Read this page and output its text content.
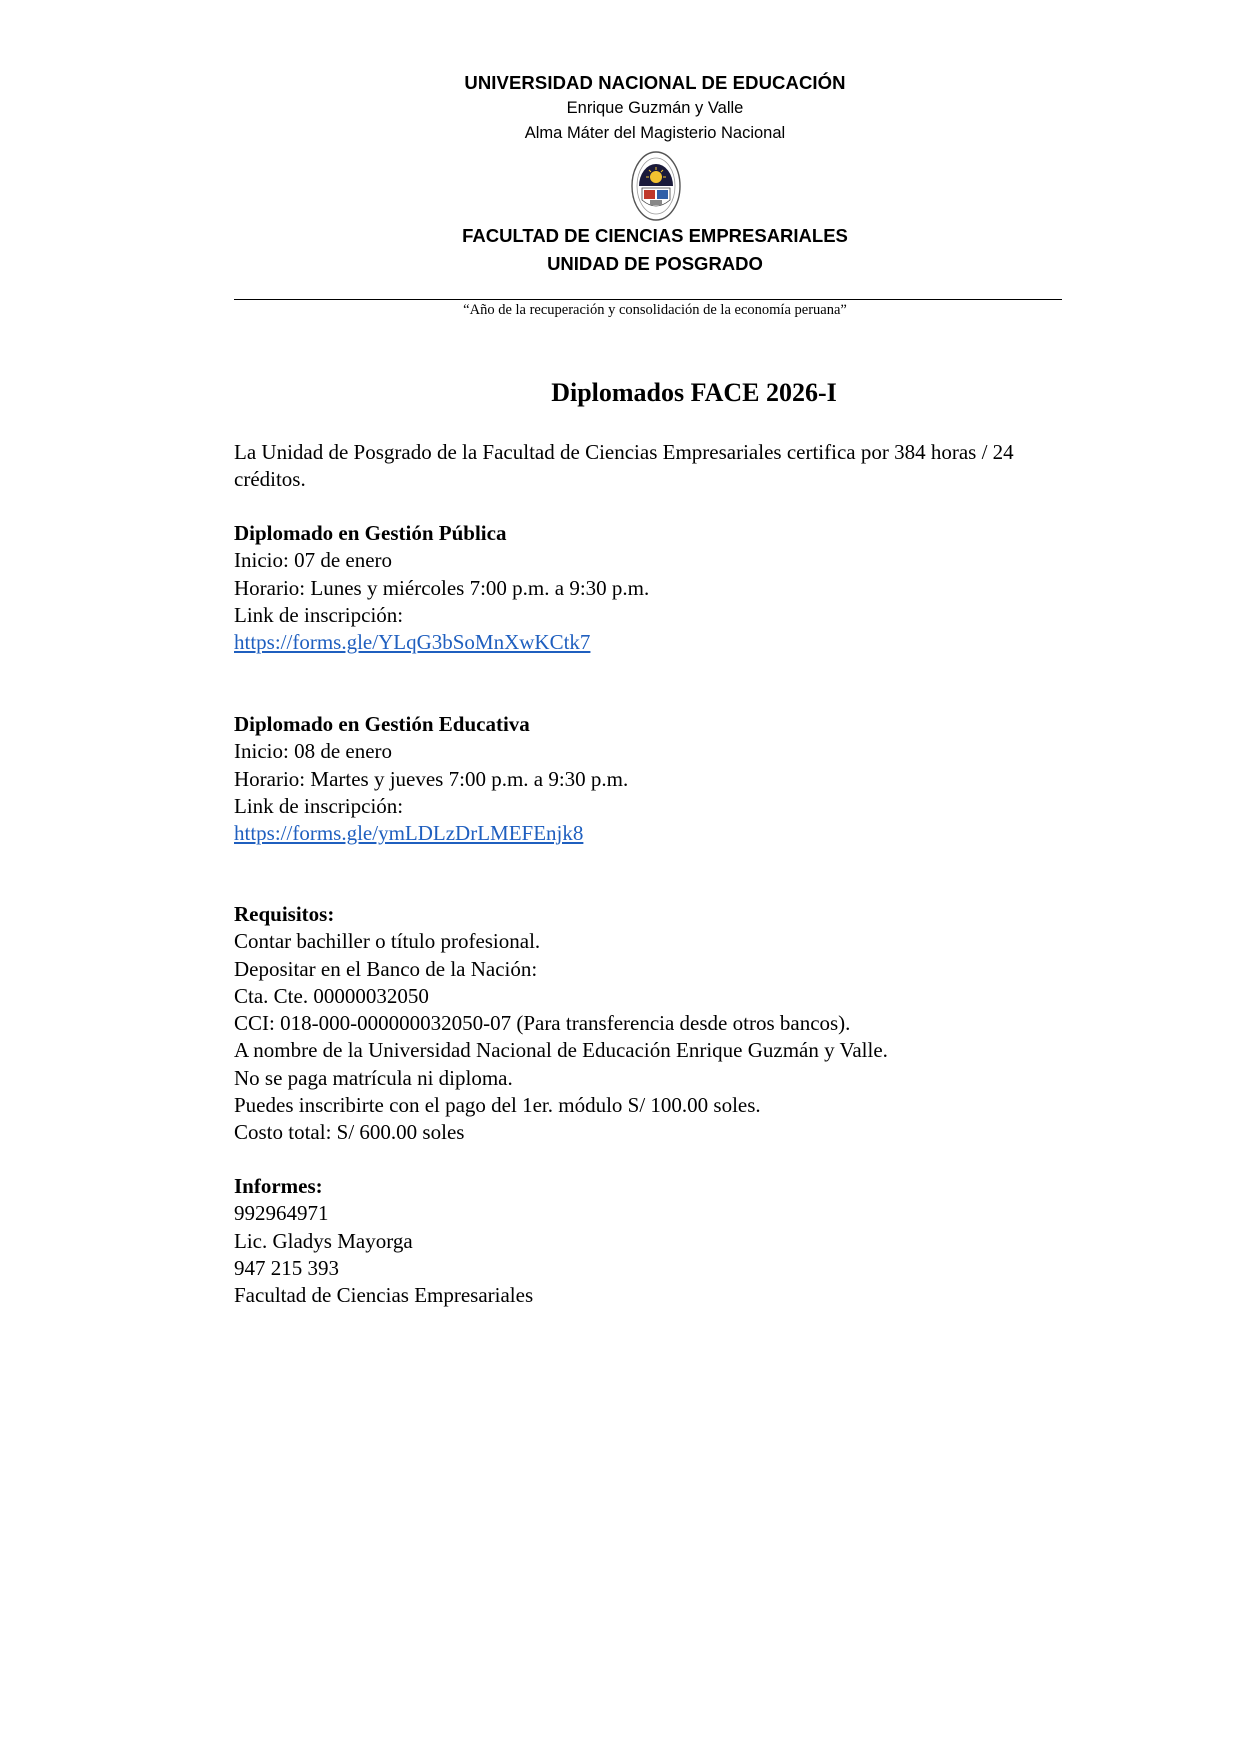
UNIVERSIDAD NACIONAL DE EDUCACIÓN
Enrique Guzmán y Valle
Alma Máter del Magisterio Nacional
FACULTAD DE CIENCIAS EMPRESARIALES
UNIDAD DE POSGRADO
“Año de la recuperación y consolidación de la economía peruana”
Diplomados FACE 2026-I

La Unidad de Posgrado de la Facultad de Ciencias Empresariales certifica por 384 horas / 24 créditos.

Diplomado en Gestión Pública

Inicio: 07 de enero

Horario: Lunes y miércoles 7:00 p.m. a 9:30 p.m.

Link de inscripción:

https://forms.gle/YLqG3bSoMnXwKCtk7

Diplomado en Gestión Educativa

Inicio: 08 de enero

Horario: Martes y jueves 7:00 p.m. a 9:30 p.m.

Link de inscripción:

https://forms.gle/ymLDLzDrLMEFEnjk8

Requisitos:

Contar bachiller o título profesional.

Depositar en el Banco de la Nación:

Cta. Cte. 00000032050

CCI: 018-000-000000032050-07 (Para transferencia desde otros bancos).

A nombre de la Universidad Nacional de Educación Enrique Guzmán y Valle.

No se paga matrícula ni diploma.

Puedes inscribirte con el pago del 1er. módulo S/ 100.00 soles.

Costo total: S/ 600.00 soles

Informes:

992964971

Lic. Gladys Mayorga

947 215 393

Facultad de Ciencias Empresariales
